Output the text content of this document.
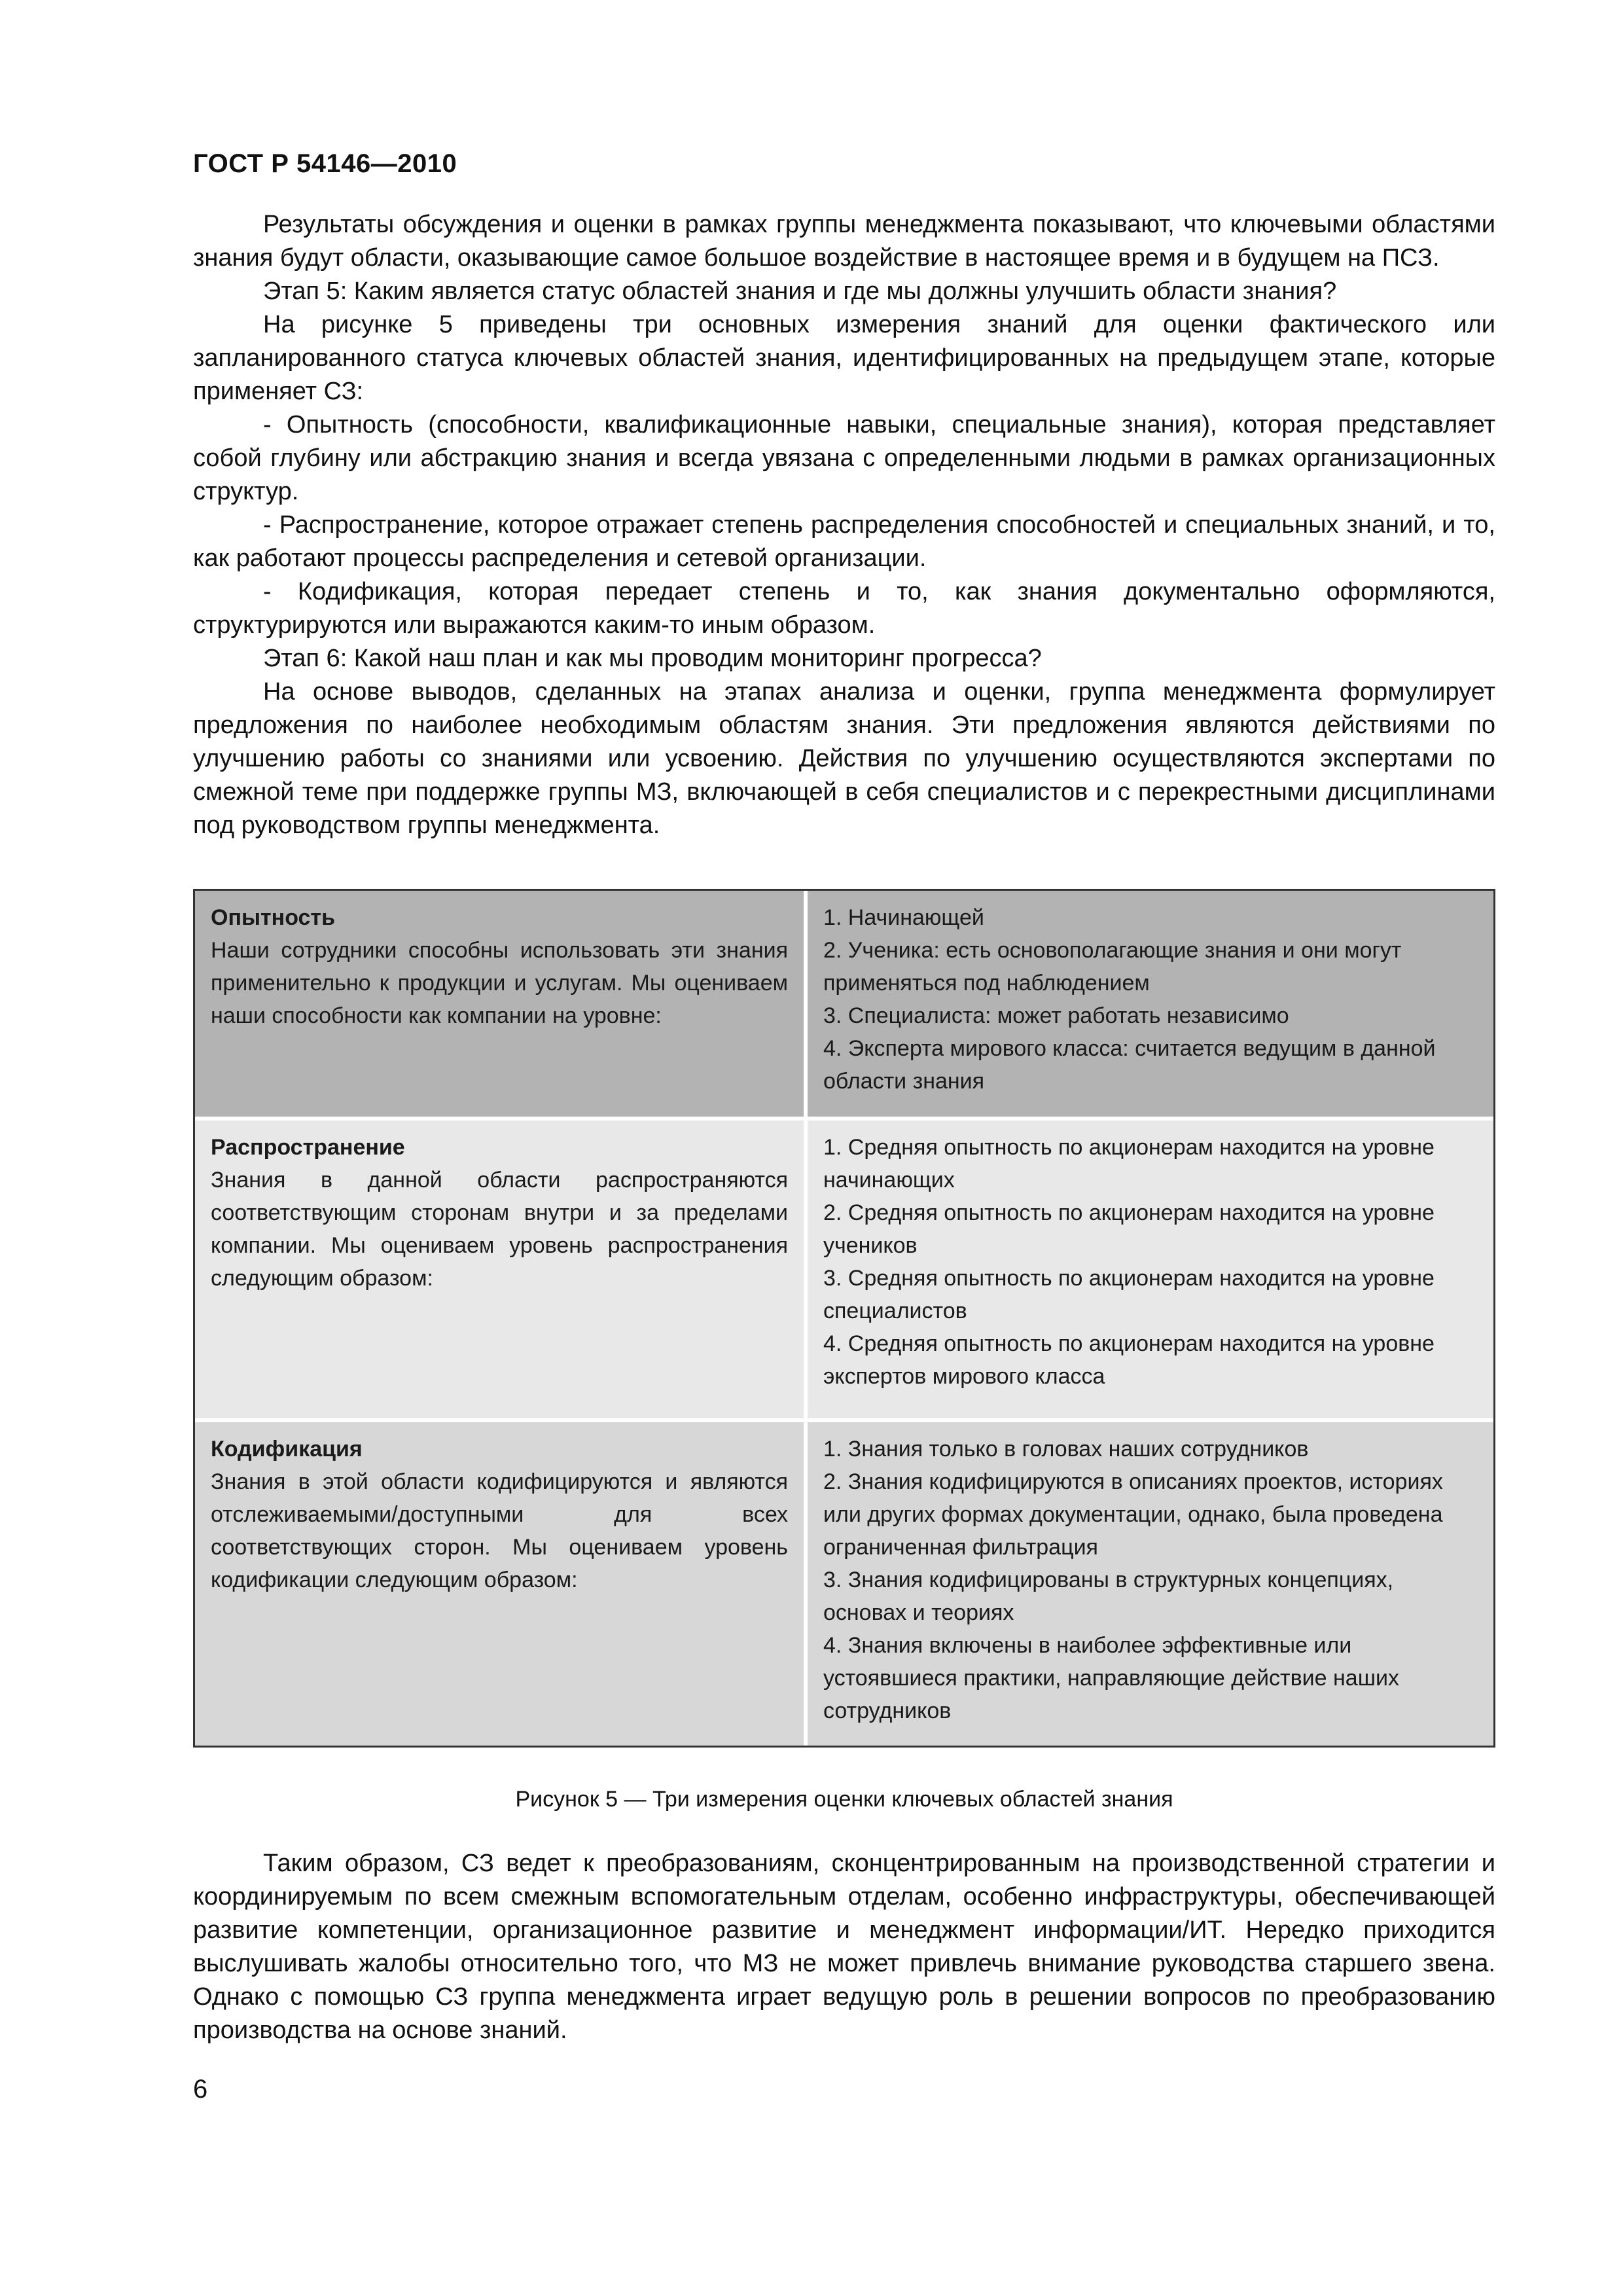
ГОСТ Р 54146—2010

Результаты обсуждения и оценки в рамках группы менеджмента показывают, что ключевыми областями знания будут области, оказывающие самое большое воздействие в настоящее время и в будущем на ПСЗ.

Этап 5: Каким является статус областей знания и где мы должны улучшить области знания?

На рисунке 5 приведены три основных измерения знаний для оценки фактического или запланированного статуса ключевых областей знания, идентифицированных на предыдущем этапе, которые применяет СЗ:

- Опытность (способности, квалификационные навыки, специальные знания), которая представляет собой глубину или абстракцию знания и всегда увязана с определенными людьми в рамках организационных структур.

- Распространение, которое отражает степень распределения способностей и специальных знаний, и то, как работают процессы распределения и сетевой организации.

- Кодификация, которая передает степень и то, как знания документально оформляются, структурируются или выражаются каким-то иным образом.

Этап 6: Какой наш план и как мы проводим мониторинг прогресса?

На основе выводов, сделанных на этапах анализа и оценки, группа менеджмента формулирует предложения по наиболее необходимым областям знания. Эти предложения являются действиями по улучшению работы со знаниями или усвоению. Действия по улучшению осуществляются экспертами по смежной теме при поддержке группы МЗ, включающей в себя специалистов и с перекрестными дисциплинами под руководством группы менеджмента.

Опытность
Наши сотрудники способны использовать эти знания применительно к продукции и услугам. Мы оцениваем наши способности как компании на уровне:
1. Начинающей
2. Ученика: есть основополагающие знания и они могут применяться под наблюдением
3. Специалиста: может работать независимо
4. Эксперта мирового класса: считается ведущим в данной области знания
Распространение
Знания в данной области распространяются соответствующим сторонам внутри и за пределами компании. Мы оцениваем уровень распространения следующим образом:
1. Средняя опытность по акционерам находится на уровне начинающих
2. Средняя опытность по акционерам находится на уровне учеников
3. Средняя опытность по акционерам находится на уровне специалистов
4. Средняя опытность по акционерам находится на уровне экспертов мирового класса
Кодификация
Знания в этой области кодифицируются и являются отслеживаемыми/доступными для всех соответствующих сторон. Мы оцениваем уровень кодификации следующим образом:
1. Знания только в головах наших сотрудников
2. Знания кодифицируются в описаниях проектов, историях или других формах документации, однако, была проведена ограниченная фильтрация
3. Знания кодифицированы в структурных концепциях, основах и теориях
4. Знания включены в наиболее эффективные или устоявшиеся практики, направляющие действие наших сотрудников
Рисунок 5 — Три измерения оценки ключевых областей знания

Таким образом, СЗ ведет к преобразованиям, сконцентрированным на производственной стратегии и координируемым по всем смежным вспомогательным отделам, особенно инфраструктуры, обеспечивающей развитие компетенции, организационное развитие и менеджмент информации/ИТ. Нередко приходится выслушивать жалобы относительно того, что МЗ не может привлечь внимание руководства старшего звена. Однако с помощью СЗ группа менеджмента играет ведущую роль в решении вопросов по преобразованию производства на основе знаний.

6
